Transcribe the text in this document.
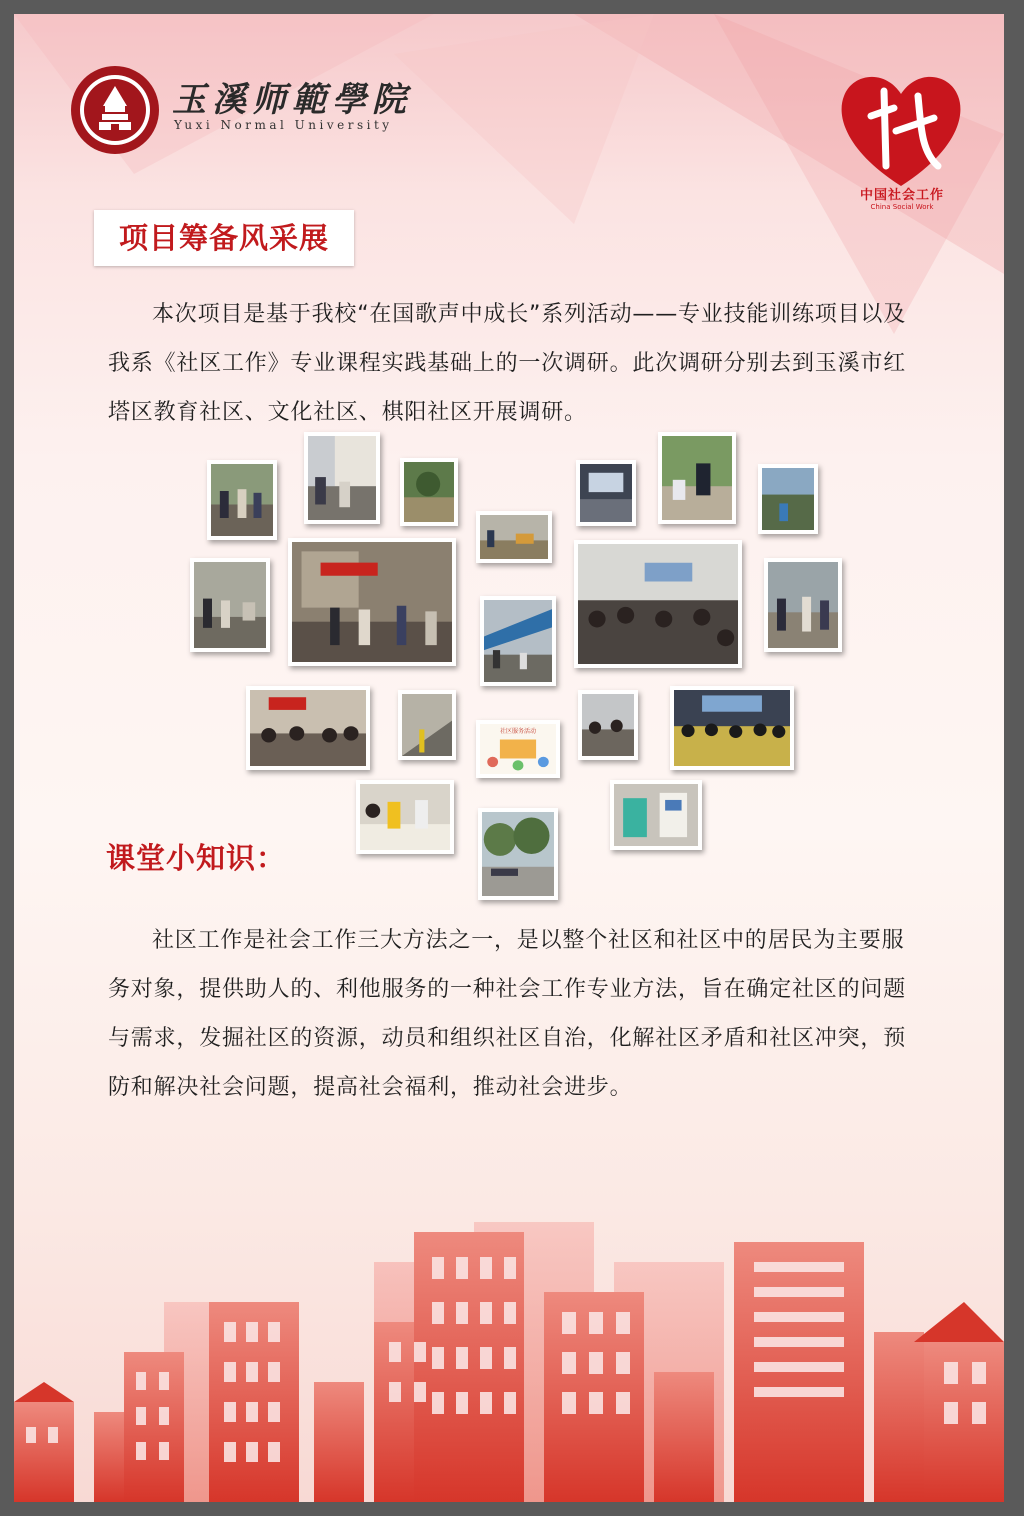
玉溪师範學院
Yuxi Normal University
中国社会工作
China Social Work
项目筹备风采展

本次项目是基于我校“在国歌声中成长”系列活动——专业技能训练项目以及我系《社区工作》专业课程实践基础上的一次调研。此次调研分别去到玉溪市红塔区教育社区、文化社区、棋阳社区开展调研。

社区服务活动
课堂小知识：

社区工作是社会工作三大方法之一，是以整个社区和社区中的居民为主要服务对象，提供助人的、利他服务的一种社会工作专业方法，旨在确定社区的问题与需求，发掘社区的资源，动员和组织社区自治，化解社区矛盾和社区冲突，预防和解决社会问题，提高社会福利，推动社会进步。
